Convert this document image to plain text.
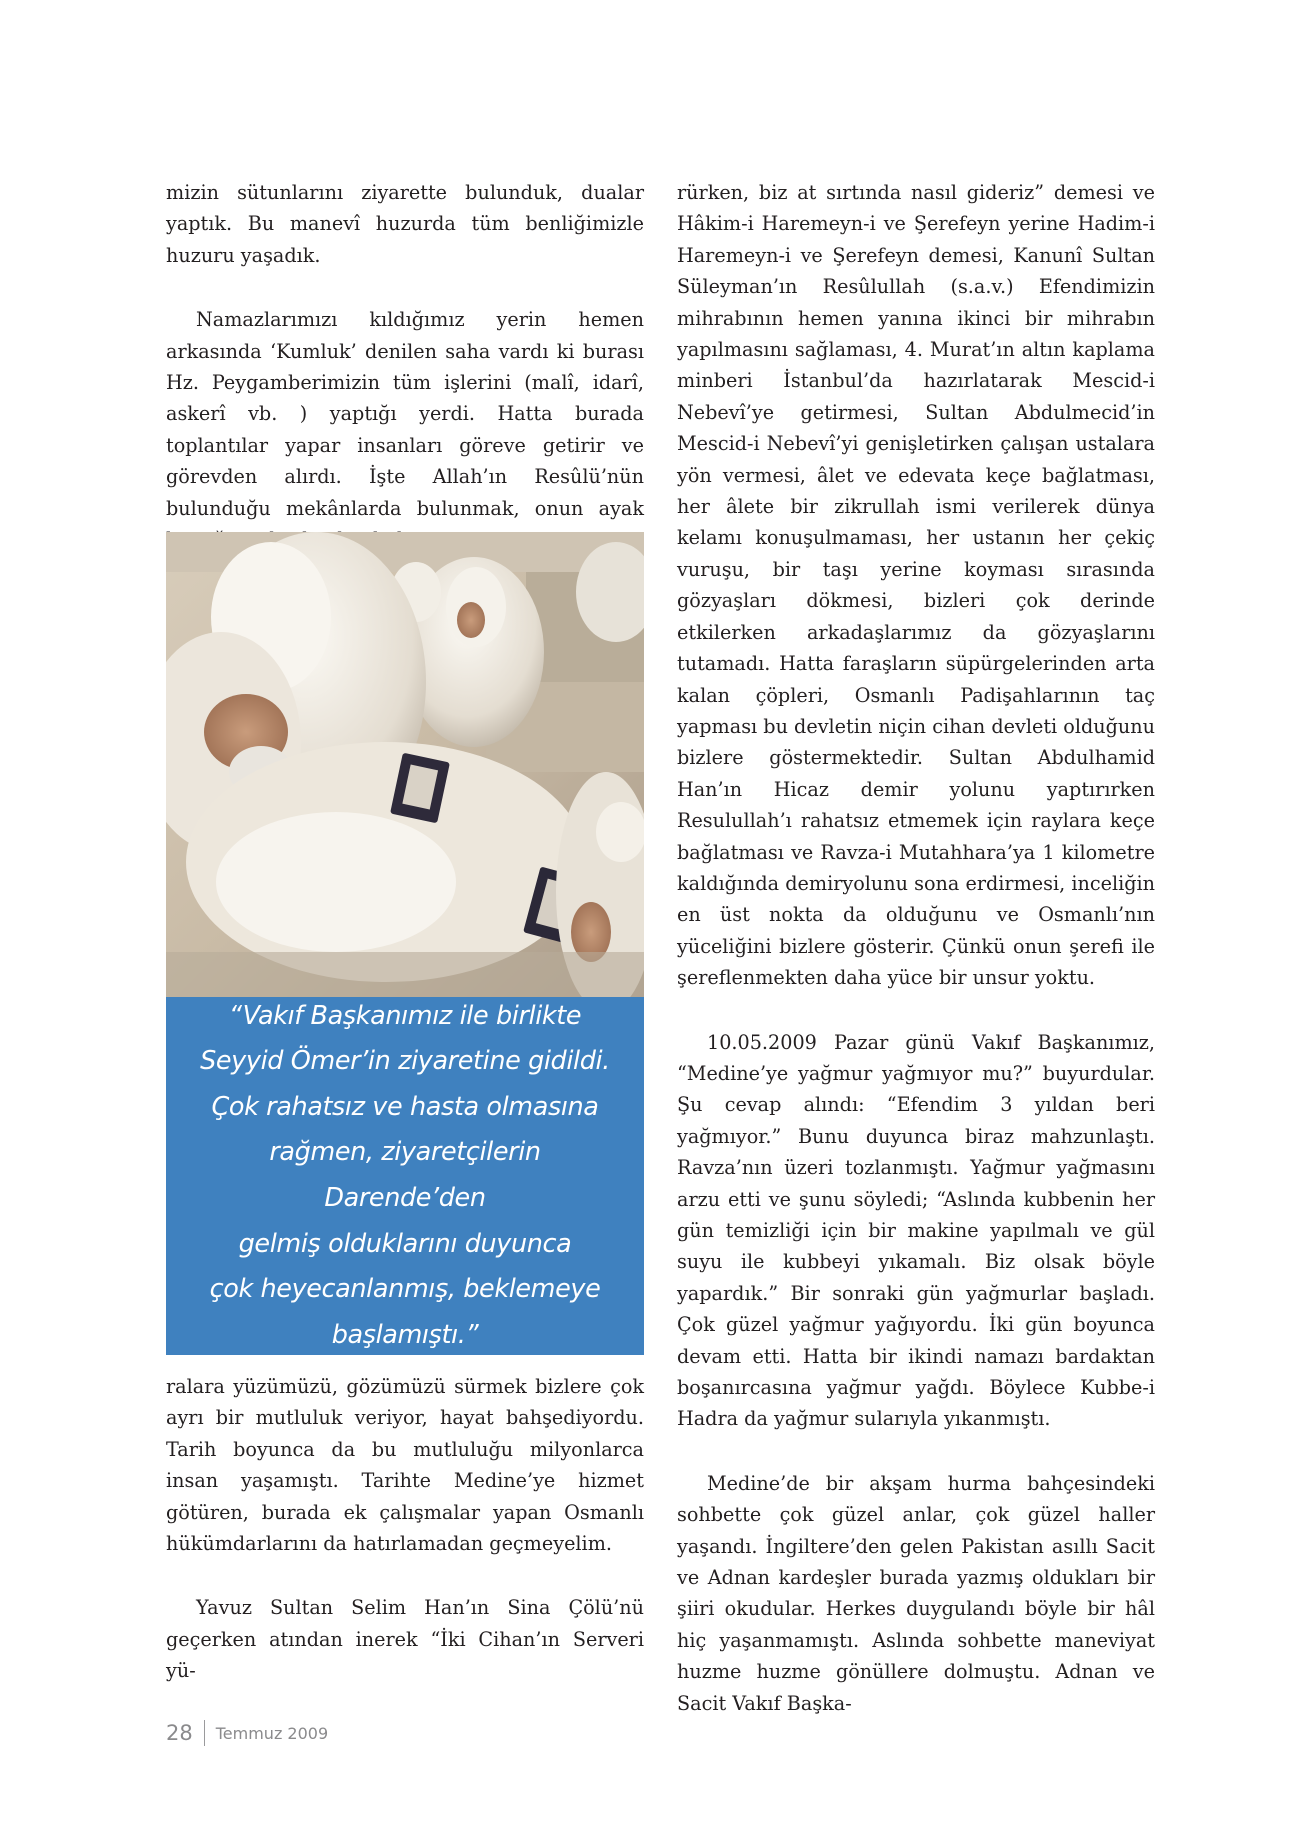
mizin sütunlarını ziyarette bulunduk, dualar yaptık. Bu manevî huzurda tüm benliğimizle huzuru yaşadık.

Namazlarımızı kıldığımız yerin hemen arkasında ‘Kumluk’ denilen saha vardı ki burası Hz. Peygamberimizin tüm işlerini (malî, idarî, askerî vb. ) yaptığı yerdi. Hatta burada toplantılar yapar insanları göreve getirir ve görevden alırdı. İşte Allah’ın Resûlü’nün bulunduğu mekânlarda bulunmak, onun ayak

“Vakıf Başkanımız ile birlikte
Seyyid Ömer’in ziyaretine gidildi.
Çok rahatsız ve hasta olmasına
rağmen, ziyaretçilerin Darende’den
gelmiş olduklarını duyunca
çok heyecanlanmış, beklemeye
başlamıştı.”

ralara yüzümüzü, gözümüzü sürmek bizlere çok ayrı bir mutluluk veriyor, hayat bahşediyordu. Tarih boyunca da bu mutluluğu milyonlarca insan yaşamıştı. Tarihte Medine’ye hizmet götüren, burada ek çalışmalar yapan Osmanlı hükümdarlarını da hatırlamadan geçmeyelim.

Yavuz Sultan Selim Han’ın Sina Çölü’nü geçerken atından inerek “İki Cihan’ın Serveri yü-

rürken, biz at sırtında nasıl gideriz” demesi ve Hâkim-i Haremeyn-i ve Şerefeyn yerine Hadim-i Haremeyn-i ve Şerefeyn demesi, Kanunî Sultan Süleyman’ın Resûlullah (s.a.v.) Efendimizin mihrabının hemen yanına ikinci bir mihrabın yapılmasını sağlaması, 4. Murat’ın altın kaplama minberi İstanbul’da hazırlatarak Mescid-i Nebevî’ye getirmesi, Sultan Abdulmecid’in Mescid-i Nebevî’yi genişletirken çalışan ustalara yön vermesi, âlet ve edevata keçe bağlatması, her âlete bir zikrullah ismi verilerek dünya kelamı konuşulmaması, her ustanın her çekiç vuruşu, bir taşı yerine koyması sırasında gözyaşları dökmesi, bizleri çok derinde etkilerken arkadaşlarımız da gözyaşlarını tutamadı. Hatta faraşların süpürgelerinden arta kalan çöpleri, Osmanlı Padişahlarının taç yapması bu devletin niçin cihan devleti olduğunu bizlere göstermektedir. Sultan Abdulhamid Han’ın Hicaz demir yolunu yaptırırken Resulullah’ı rahatsız etmemek için raylara keçe bağlatması ve Ravza-i Mutahhara’ya 1 kilometre kaldığında demiryolunu sona erdirmesi, inceliğin en üst nokta da olduğunu ve Osmanlı’nın yüceliğini bizlere gösterir. Çünkü onun şerefi ile şereflenmekten daha yüce bir unsur yoktu.

10.05.2009 Pazar günü Vakıf Başkanımız, “Medine’ye yağmur yağmıyor mu?” buyurdular. Şu cevap alındı: “Efendim 3 yıldan beri yağmıyor.” Bunu duyunca biraz mahzunlaştı. Ravza’nın üzeri tozlanmıştı. Yağmur yağmasını arzu etti ve şunu söyledi; “Aslında kubbenin her gün temizliği için bir makine yapılmalı ve gül suyu ile kubbeyi yıkamalı. Biz olsak böyle yapardık.” Bir sonraki gün yağmurlar başladı. Çok güzel yağmur yağıyordu. İki gün boyunca devam etti. Hatta bir ikindi namazı bardaktan boşanırcasına yağmur yağdı. Böylece Kubbe-i Hadra da yağmur sularıyla yıkanmıştı.

Medine’de bir akşam hurma bahçesindeki sohbette çok güzel anlar, çok güzel haller yaşandı. İngiltere’den gelen Pakistan asıllı Sacit ve Adnan kardeşler burada yazmış oldukları bir şiiri okudular. Herkes duygulandı böyle bir hâl hiç yaşanmamıştı. Aslında sohbette maneviyat huzme huzme gönüllere dolmuştu. Adnan ve Sacit Vakıf Başka-

28 Temmuz 2009
